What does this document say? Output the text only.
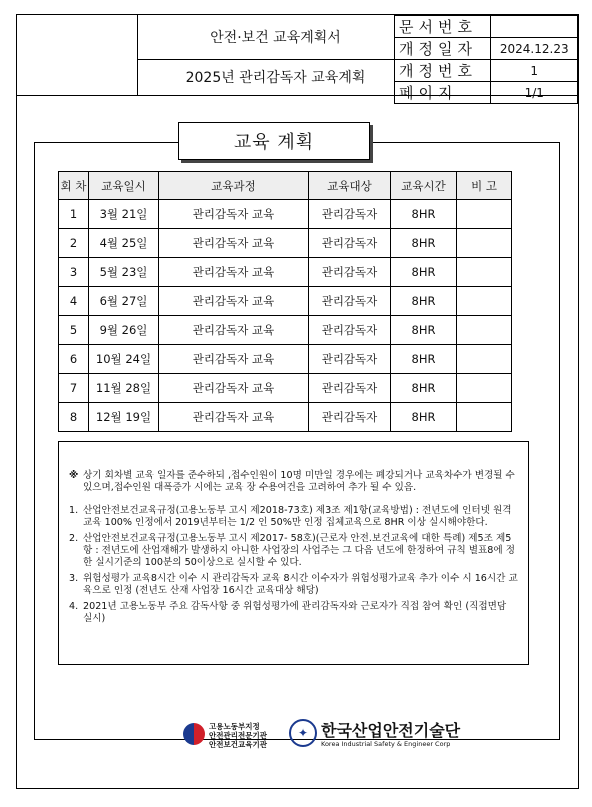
안전·보건 교육계획서
2025년 관리감독자 교육계획
문서번호	
개정일자	2024.12.23
개정번호	1
페이지	1/1
교육 계획
회 차	교육일시	교육과정	교육대상	교육시간	비 고
1	3월 21일	관리감독자 교육	관리감독자	8HR	
2	4월 25일	관리감독자 교육	관리감독자	8HR	
3	5월 23일	관리감독자 교육	관리감독자	8HR	
4	6월 27일	관리감독자 교육	관리감독자	8HR	
5	9월 26일	관리감독자 교육	관리감독자	8HR	
6	10월 24일	관리감독자 교육	관리감독자	8HR	
7	11월 28일	관리감독자 교육	관리감독자	8HR	
8	12월 19일	관리감독자 교육	관리감독자	8HR	
※ 상기 회차별 교육 일자를 준수하되 ,접수인원이 10명 미만일 경우에는 폐강되거나 교육차수가 변경될 수 있으며,접수인원 대폭증가 시에는 교육 장 수용여건을 고려하여 추가 될 수 있음.
1. 산업안전보건교육규정(고용노동부 고시 제2018-73호) 제3조 제1항(교육방법) : 전년도에 인터넷 원격교육 100% 인정에서 2019년부터는 1/2 인 50%만 인정 집체교육으로 8HR 이상 실시해야한다.
2. 산업안전보건교육규정(고용노동부 고시 제2017- 58호)(근로자 안전.보건교육에 대한 특례) 제5조 제5항 : 전년도에 산업재해가 발생하지 아니한 사업장의 사업주는 그 다음 년도에 한정하여 규칙 별표8에 정한 실시기준의 100분의 50이상으로 실시할 수 있다.
3. 위험성평가 교육8시간 이수 시 관리감독자 교육 8시간 이수자가 위험성평가교육 추가 이수 시 16시간 교육으로 인정 (전년도 산재 사업장 16시간 교육대상 해당)
4. 2021년 고용노동부 주요 감독사항 중 위험성평가에 관리감독자와 근로자가 직접 참여 확인 (직접면담 실시)
고용노동부지정
안전관리전문기관
안전보건교육기관
✦ 한국산업안전기술단
Korea Industrial Safety & Engineer Corp
